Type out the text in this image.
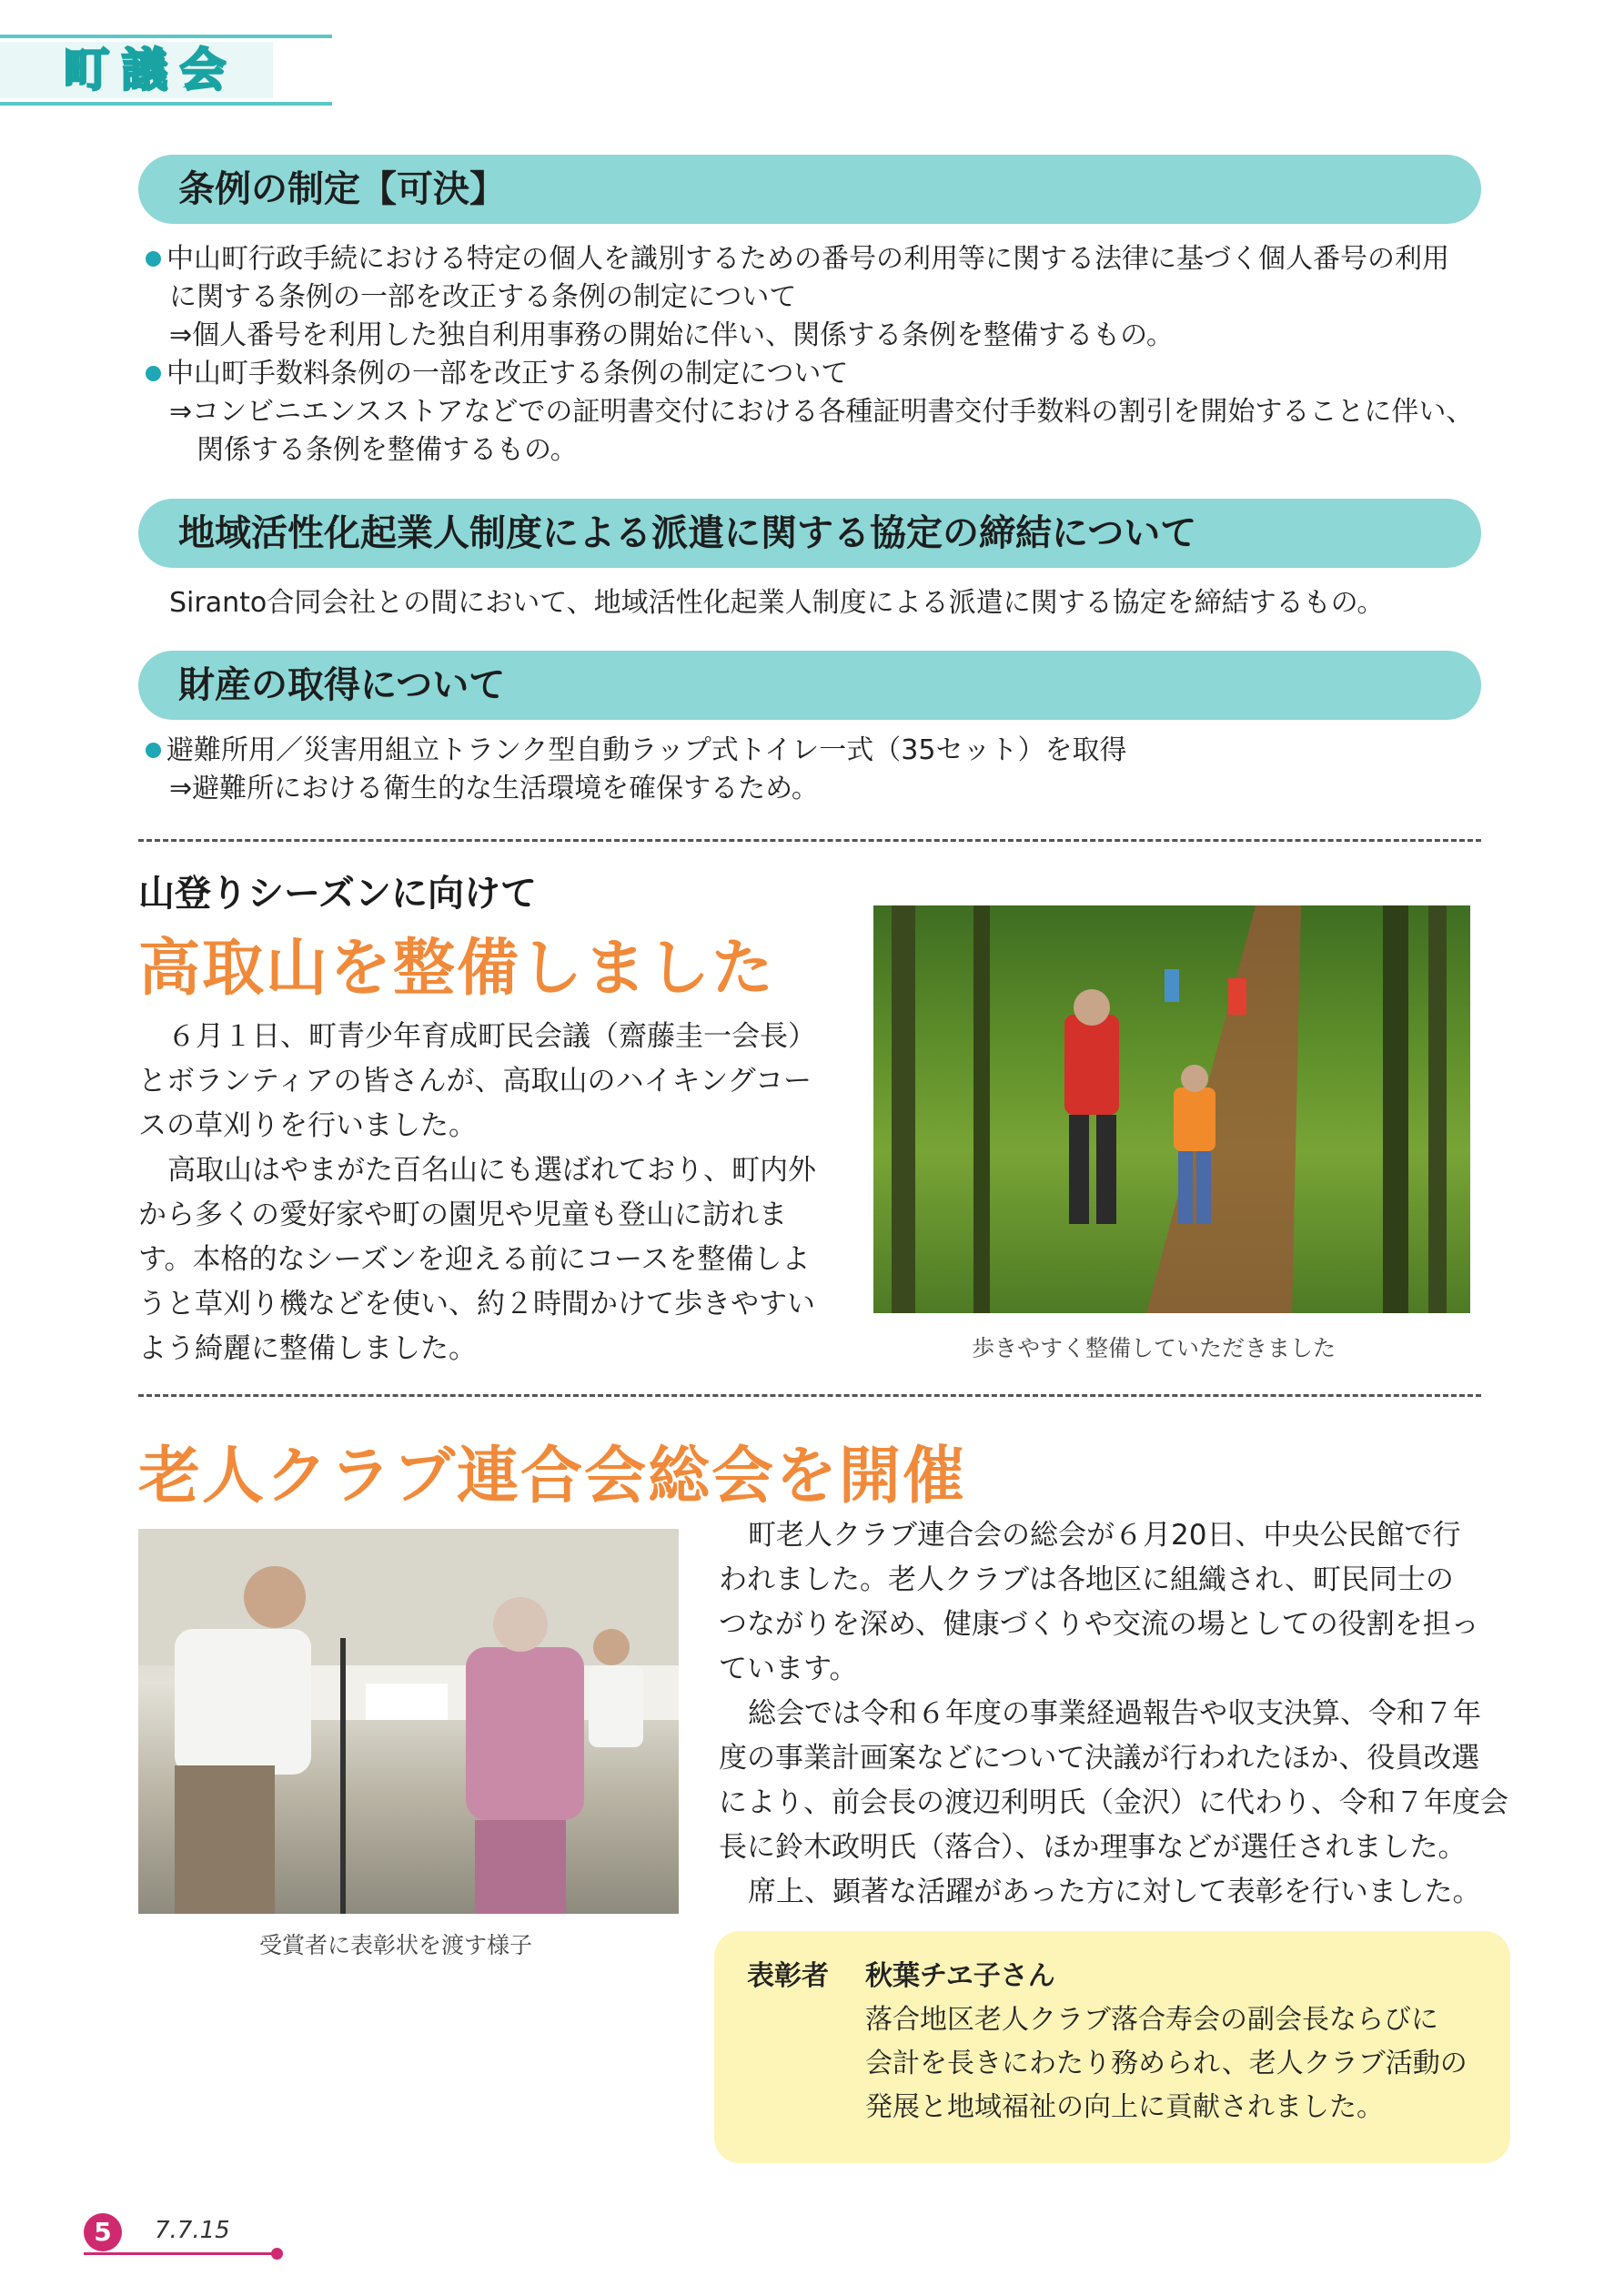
町議会
条例の制定【可決】
中山町行政手続における特定の個人を識別するための番号の利用等に関する法律に基づく個人番号の利用
に関する条例の一部を改正する条例の制定について
⇒個人番号を利用した独自利用事務の開始に伴い、関係する条例を整備するもの。
中山町手数料条例の一部を改正する条例の制定について
⇒コンビニエンスストアなどでの証明書交付における各種証明書交付手数料の割引を開始することに伴い、
関係する条例を整備するもの。
地域活性化起業人制度による派遣に関する協定の締結について
Siranto合同会社との間において、地域活性化起業人制度による派遣に関する協定を締結するもの。
財産の取得について
避難所用／災害用組立トランク型自動ラップ式トイレ一式（35セット）を取得
⇒避難所における衛生的な生活環境を確保するため。
山登りシーズンに向けて
高取山を整備しました
６月１日、町青少年育成町民会議（齋藤圭一会長）
とボランティアの皆さんが、高取山のハイキングコー
スの草刈りを行いました。
高取山はやまがた百名山にも選ばれており、町内外
から多くの愛好家や町の園児や児童も登山に訪れま
す。本格的なシーズンを迎える前にコースを整備しよ
うと草刈り機などを使い、約２時間かけて歩きやすい
よう綺麗に整備しました。	歩きやすく整備していただきました
老人クラブ連合会総会を開催
受賞者に表彰状を渡す様子
町老人クラブ連合会の総会が６月20日、中央公民館で行
われました。老人クラブは各地区に組織され、町民同士の
つながりを深め、健康づくりや交流の場としての役割を担っ
ています。
総会では令和６年度の事業経過報告や収支決算、令和７年
度の事業計画案などについて決議が行われたほか、役員改選
により、前会長の渡辺利明氏（金沢）に代わり、令和７年度会
長に鈴木政明氏（落合）、ほか理事などが選任されました。
席上、顕著な活躍があった方に対して表彰を行いました。
表彰者 秋葉チヱ子さん
落合地区老人クラブ落合寿会の副会長ならびに
会計を長きにわたり務められ、老人クラブ活動の
発展と地域福祉の向上に貢献されました。
5	7.7.15
